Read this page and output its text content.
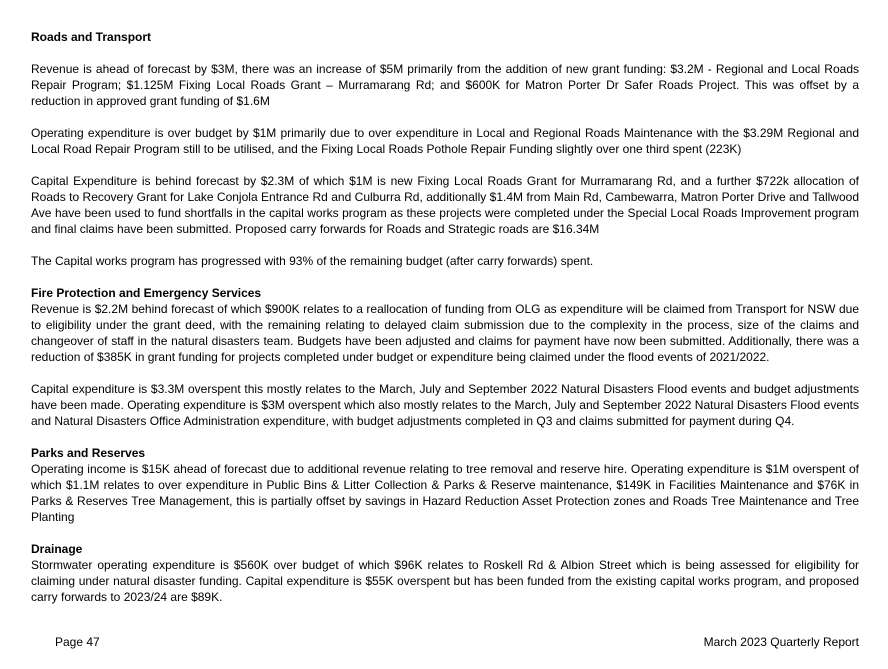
Roads and Transport

Revenue is ahead of forecast by $3M, there was an increase of $5M primarily from the addition of new grant funding: $3.2M - Regional and Local Roads Repair Program; $1.125M Fixing Local Roads Grant – Murramarang Rd; and $600K for Matron Porter Dr Safer Roads Project. This was offset by a reduction in approved grant funding of $1.6M

Operating expenditure is over budget by $1M primarily due to over expenditure in Local and Regional Roads Maintenance with the $3.29M Regional and Local Road Repair Program still to be utilised, and the Fixing Local Roads Pothole Repair Funding slightly over one third spent (223K)

Capital Expenditure is behind forecast by $2.3M of which $1M is new Fixing Local Roads Grant for Murramarang Rd, and a further $722k allocation of Roads to Recovery Grant for Lake Conjola Entrance Rd and Culburra Rd, additionally $1.4M from Main Rd, Cambewarra, Matron Porter Drive and Tallwood Ave have been used to fund shortfalls in the capital works program as these projects were completed under the Special Local Roads Improvement program and final claims have been submitted. Proposed carry forwards for Roads and Strategic roads are $16.34M

The Capital works program has progressed with 93% of the remaining budget (after carry forwards) spent.

Fire Protection and Emergency Services

Revenue is $2.2M behind forecast of which $900K relates to a reallocation of funding from OLG as expenditure will be claimed from Transport for NSW due to eligibility under the grant deed, with the remaining relating to delayed claim submission due to the complexity in the process, size of the claims and changeover of staff in the natural disasters team. Budgets have been adjusted and claims for payment have now been submitted. Additionally, there was a reduction of $385K in grant funding for projects completed under budget or expenditure being claimed under the flood events of 2021/2022.

Capital expenditure is $3.3M overspent this mostly relates to the March, July and September 2022 Natural Disasters Flood events and budget adjustments have been made. Operating expenditure is $3M overspent which also mostly relates to the March, July and September 2022 Natural Disasters Flood events and Natural Disasters Office Administration expenditure, with budget adjustments completed in Q3 and claims submitted for payment during Q4.

Parks and Reserves

Operating income is $15K ahead of forecast due to additional revenue relating to tree removal and reserve hire. Operating expenditure is $1M overspent of which $1.1M relates to over expenditure in Public Bins & Litter Collection & Parks & Reserve maintenance, $149K in Facilities Maintenance and $76K in Parks & Reserves Tree Management, this is partially offset by savings in Hazard Reduction Asset Protection zones and Roads Tree Maintenance and Tree Planting

Drainage

Stormwater operating expenditure is $560K over budget of which $96K relates to Roskell Rd & Albion Street which is being assessed for eligibility for claiming under natural disaster funding. Capital expenditure is $55K overspent but has been funded from the existing capital works program, and proposed carry forwards to 2023/24 are $89K.

Page 47	March 2023 Quarterly Report
